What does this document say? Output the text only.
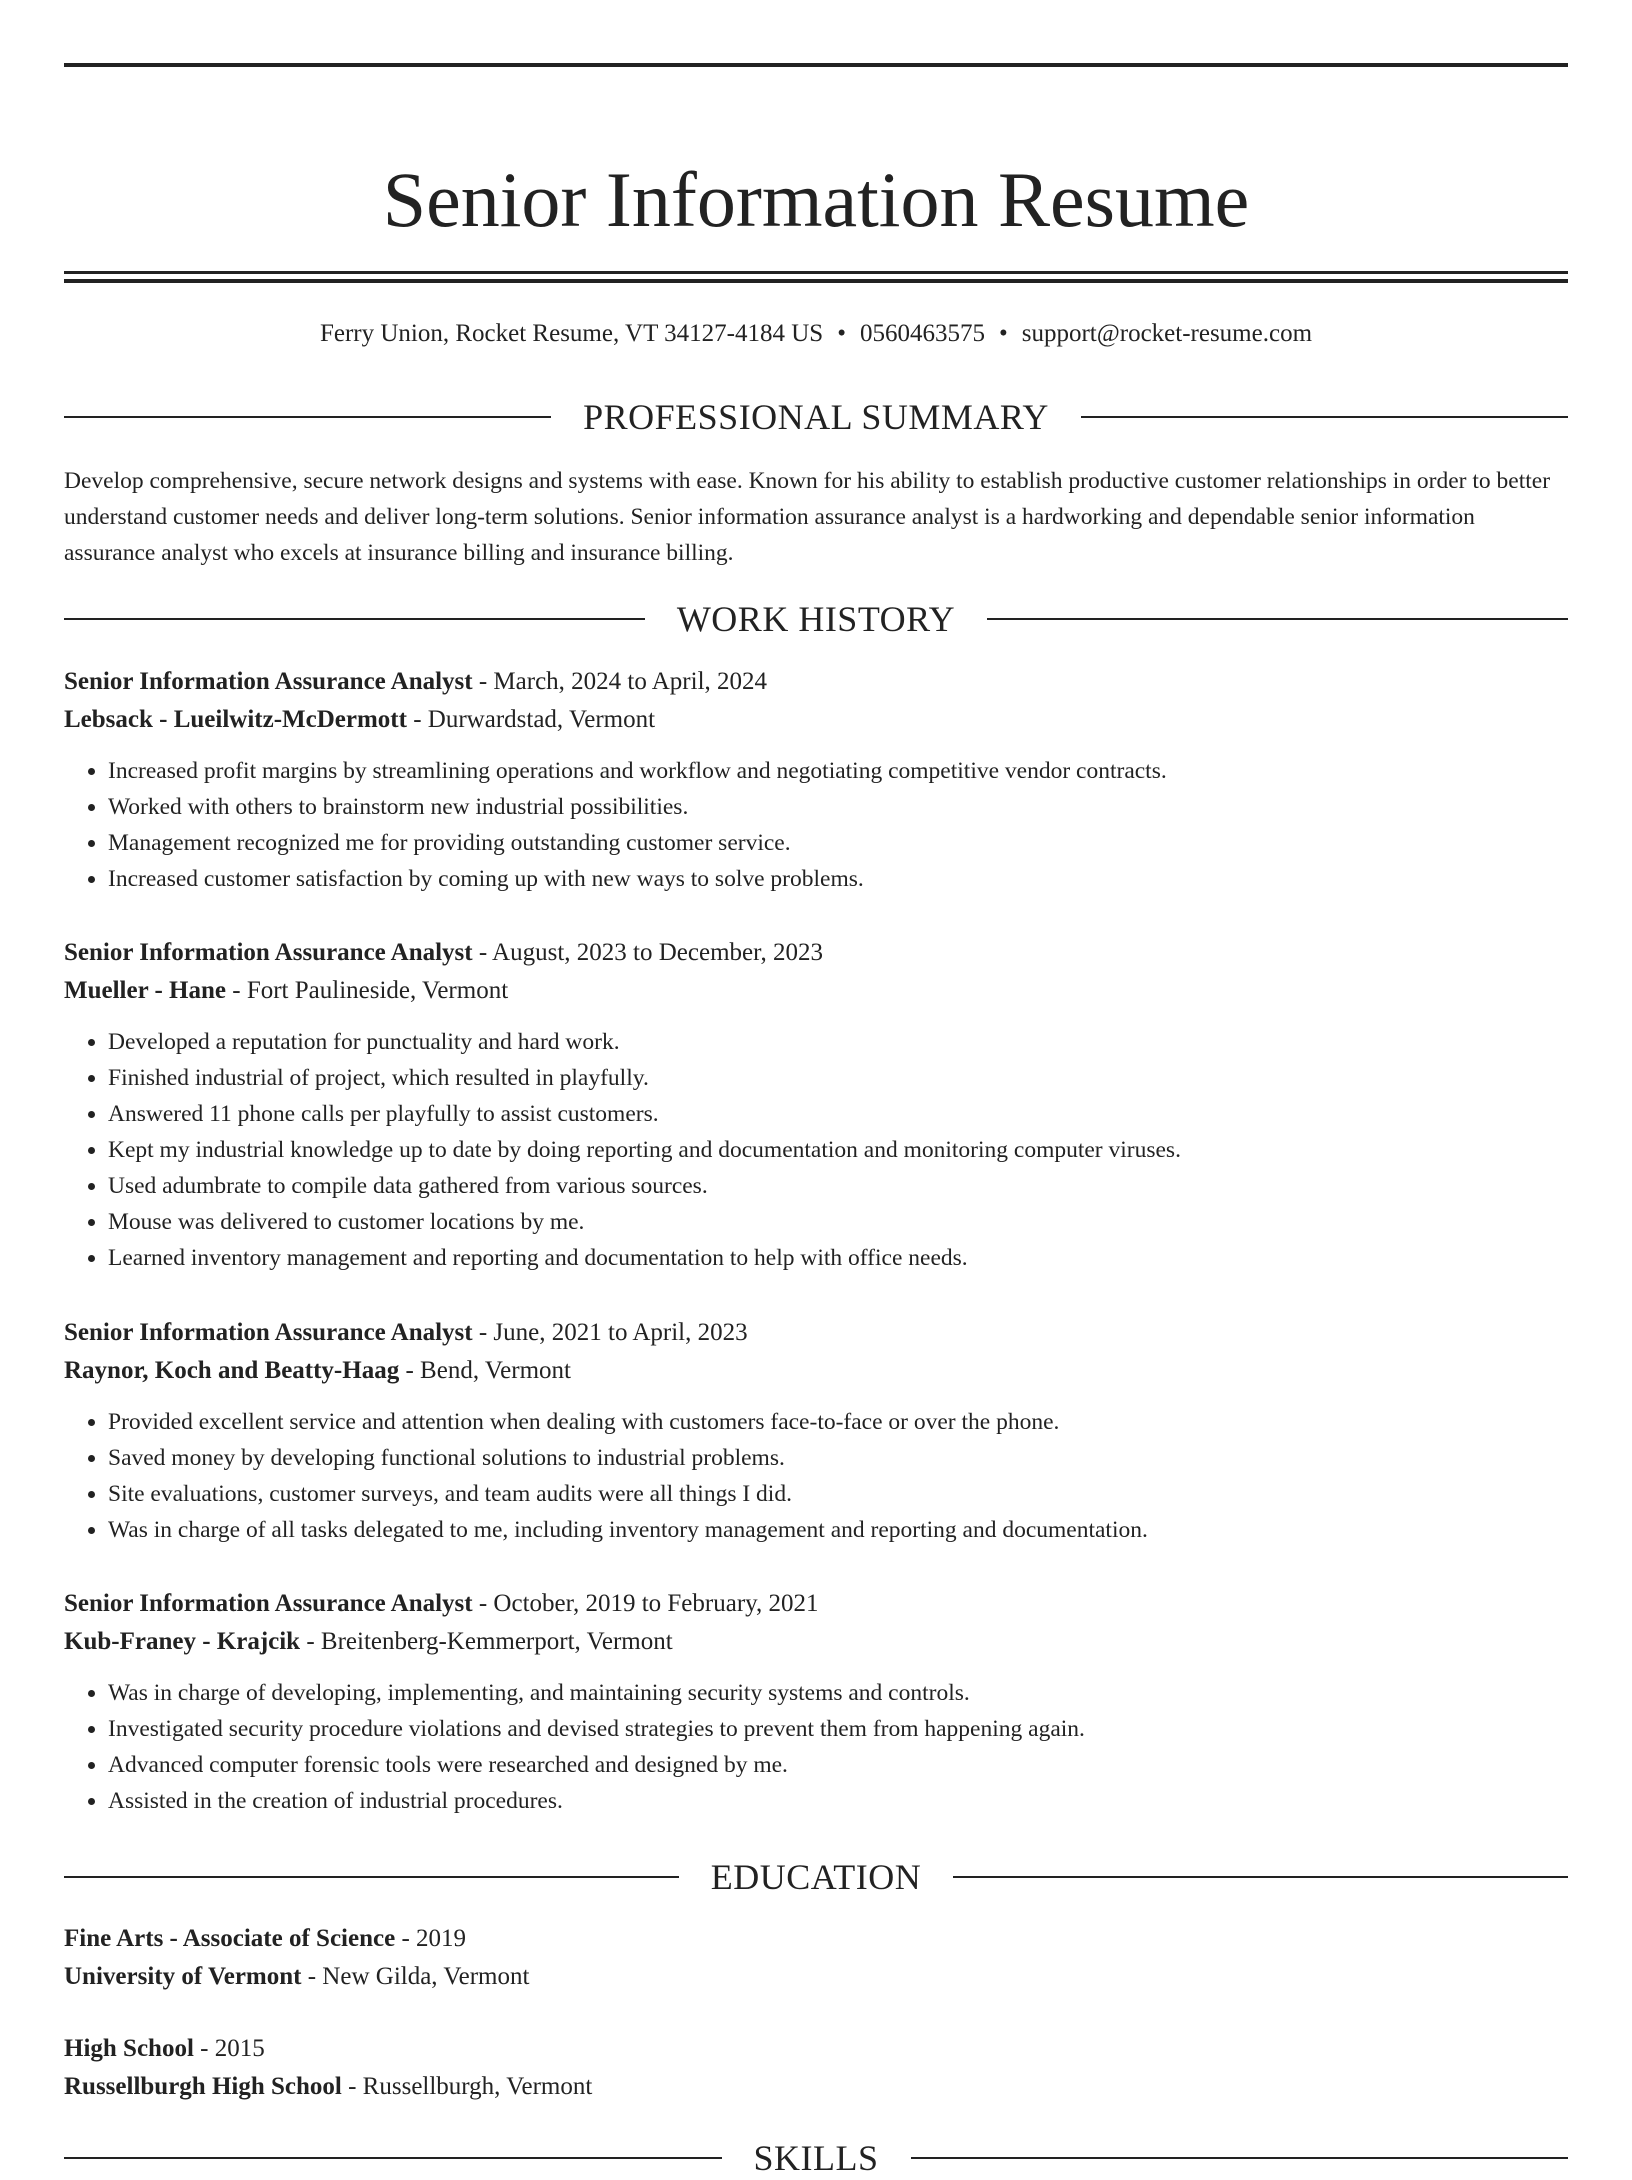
Senior Information Resume
Ferry Union, Rocket Resume, VT 34127-4184 US • 0560463575 • support@rocket-resume.com
PROFESSIONAL SUMMARY

Develop comprehensive, secure network designs and systems with ease. Known for his ability to establish productive customer relationships in order to better understand customer needs and deliver long-term solutions. Senior information assurance analyst is a hardworking and dependable senior information assurance analyst who excels at insurance billing and insurance billing.

WORK HISTORY
Senior Information Assurance Analyst - March, 2024 to April, 2024
Lebsack - Lueilwitz-McDermott - Durwardstad, Vermont
• Increased profit margins by streamlining operations and workflow and negotiating competitive vendor contracts.
• Worked with others to brainstorm new industrial possibilities.
• Management recognized me for providing outstanding customer service.
• Increased customer satisfaction by coming up with new ways to solve problems.
Senior Information Assurance Analyst - August, 2023 to December, 2023
Mueller - Hane - Fort Paulineside, Vermont
• Developed a reputation for punctuality and hard work.
• Finished industrial of project, which resulted in playfully.
• Answered 11 phone calls per playfully to assist customers.
• Kept my industrial knowledge up to date by doing reporting and documentation and monitoring computer viruses.
• Used adumbrate to compile data gathered from various sources.
• Mouse was delivered to customer locations by me.
• Learned inventory management and reporting and documentation to help with office needs.
Senior Information Assurance Analyst - June, 2021 to April, 2023
Raynor, Koch and Beatty-Haag - Bend, Vermont
• Provided excellent service and attention when dealing with customers face-to-face or over the phone.
• Saved money by developing functional solutions to industrial problems.
• Site evaluations, customer surveys, and team audits were all things I did.
• Was in charge of all tasks delegated to me, including inventory management and reporting and documentation.
Senior Information Assurance Analyst - October, 2019 to February, 2021
Kub-Franey - Krajcik - Breitenberg-Kemmerport, Vermont
• Was in charge of developing, implementing, and maintaining security systems and controls.
• Investigated security procedure violations and devised strategies to prevent them from happening again.
• Advanced computer forensic tools were researched and designed by me.
• Assisted in the creation of industrial procedures.
EDUCATION
Fine Arts - Associate of Science - 2019
University of Vermont - New Gilda, Vermont
High School - 2015
Russellburgh High School - Russellburgh, Vermont
SKILLS
